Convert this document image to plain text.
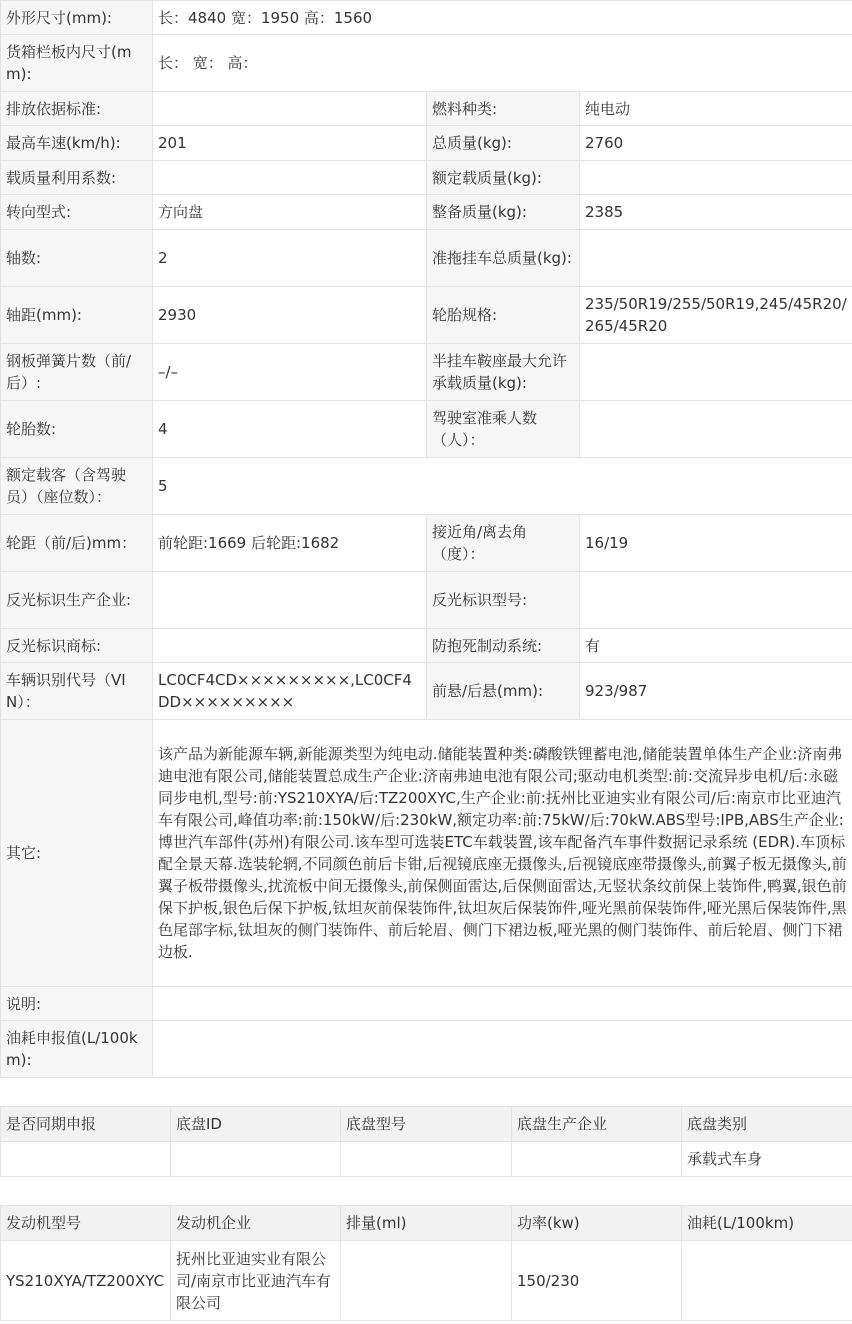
外形尺寸(mm):	长：4840 宽：1950 高：1560		
货箱栏板内尺寸(mm):	长： 宽： 高：		
排放依据标准:		燃料种类:	纯电动
最高车速(km/h):	201	总质量(kg):	2760
载质量利用系数:		额定载质量(kg):	
转向型式:	方向盘	整备质量(kg):	2385
轴数:	2	准拖挂车总质量(kg):	
轴距(mm):	2930	轮胎规格:	235/50R19/255/50R19,245/45R20/265/45R20
钢板弹簧片数（前/后）:	–/–	半挂车鞍座最大允许承载质量(kg):	
轮胎数:	4	驾驶室准乘人数（人）：	
额定载客（含驾驶员）（座位数）：	5		
轮距（前/后)mm：	前轮距:1669 后轮距:1682	接近角/离去角（度）：	16/19
反光标识生产企业:		反光标识型号:	
反光标识商标:		防抱死制动系统:	有
车辆识别代号（VIN）：	LC0CF4CD×××××××××,LC0CF4DD×××××××××	前悬/后悬(mm):	923/987
其它:	该产品为新能源车辆,新能源类型为纯电动.储能装置种类:磷酸铁锂蓄电池,储能装置单体生产企业:济南弗迪电池有限公司,储能装置总成生产企业:济南弗迪电池有限公司;驱动电机类型:前:交流异步电机/后:永磁同步电机,型号:前:YS210XYA/后:TZ200XYC,生产企业:前:抚州比亚迪实业有限公司/后:南京市比亚迪汽车有限公司,峰值功率:前:150kW/后:230kW,额定功率:前:75kW/后:70kW.ABS型号:IPB,ABS生产企业:博世汽车部件(苏州)有限公司.该车型可选装ETC车载装置,该车配备汽车事件数据记录系统 (EDR).车顶标配全景天幕.选装轮辋,不同颜色前后卡钳,后视镜底座无摄像头,后视镜底座带摄像头,前翼子板无摄像头,前翼子板带摄像头,扰流板中间无摄像头,前保侧面雷达,后保侧面雷达,无竖状条纹前保上装饰件,鸭翼,银色前保下护板,银色后保下护板,钛坦灰前保装饰件,钛坦灰后保装饰件,哑光黑前保装饰件,哑光黑后保装饰件,黑色尾部字标,钛坦灰的侧门装饰件、前后轮眉、侧门下裙边板,哑光黑的侧门装饰件、前后轮眉、侧门下裙边板.		
说明:			
油耗申报值(L/100km):			
是否同期申报	底盘ID	底盘型号	底盘生产企业	底盘类别
				承载式车身
发动机型号	发动机企业	排量(ml)	功率(kw)	油耗(L/100km)
YS210XYA/TZ200XYC	抚州比亚迪实业有限公司/南京市比亚迪汽车有限公司		150/230	
